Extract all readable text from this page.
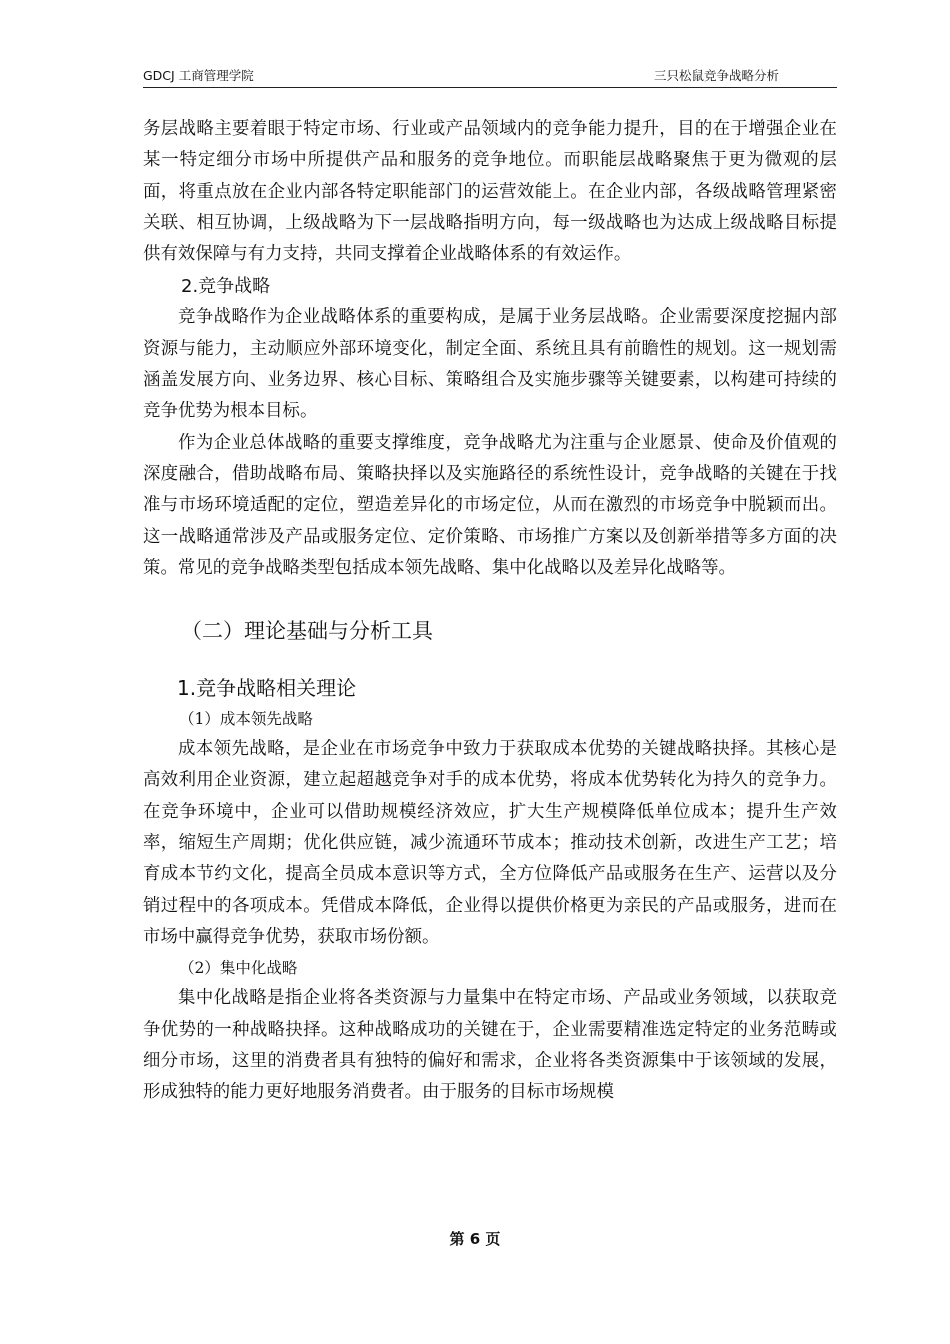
GDCJ 工商管理学院	三只松鼠竞争战略分析

务层战略主要着眼于特定市场、行业或产品领域内的竞争能力提升，目的在于增强企业在某一特定细分市场中所提供产品和服务的竞争地位。而职能层战略聚焦于更为微观的层面，将重点放在企业内部各特定职能部门的运营效能上。在企业内部，各级战略管理紧密关联、相互协调，上级战略为下一层战略指明方向，每一级战略也为达成上级战略目标提供有效保障与有力支持，共同支撑着企业战略体系的有效运作。

2.竞争战略

竞争战略作为企业战略体系的重要构成，是属于业务层战略。企业需要深度挖掘内部资源与能力，主动顺应外部环境变化，制定全面、系统且具有前瞻性的规划。这一规划需涵盖发展方向、业务边界、核心目标、策略组合及实施步骤等关键要素，以构建可持续的竞争优势为根本目标。

作为企业总体战略的重要支撑维度，竞争战略尤为注重与企业愿景、使命及价值观的深度融合，借助战略布局、策略抉择以及实施路径的系统性设计，竞争战略的关键在于找准与市场环境适配的定位，塑造差异化的市场定位，从而在激烈的市场竞争中脱颖而出。这一战略通常涉及产品或服务定位、定价策略、市场推广方案以及创新举措等多方面的决策。常见的竞争战略类型包括成本领先战略、集中化战略以及差异化战略等。

（二）理论基础与分析工具
1.竞争战略相关理论
（1）成本领先战略

成本领先战略，是企业在市场竞争中致力于获取成本优势的关键战略抉择。其核心是高效利用企业资源，建立起超越竞争对手的成本优势，将成本优势转化为持久的竞争力。在竞争环境中，企业可以借助规模经济效应，扩大生产规模降低单位成本；提升生产效率，缩短生产周期；优化供应链，减少流通环节成本；推动技术创新，改进生产工艺；培育成本节约文化，提高全员成本意识等方式，全方位降低产品或服务在生产、运营以及分销过程中的各项成本。凭借成本降低，企业得以提供价格更为亲民的产品或服务，进而在市场中赢得竞争优势，获取市场份额。

（2）集中化战略

集中化战略是指企业将各类资源与力量集中在特定市场、产品或业务领域，以获取竞争优势的一种战略抉择。这种战略成功的关键在于，企业需要精准选定特定的业务范畴或细分市场，这里的消费者具有独特的偏好和需求，企业将各类资源集中于该领域的发展，形成独特的能力更好地服务消费者。由于服务的目标市场规模

第 6 页
